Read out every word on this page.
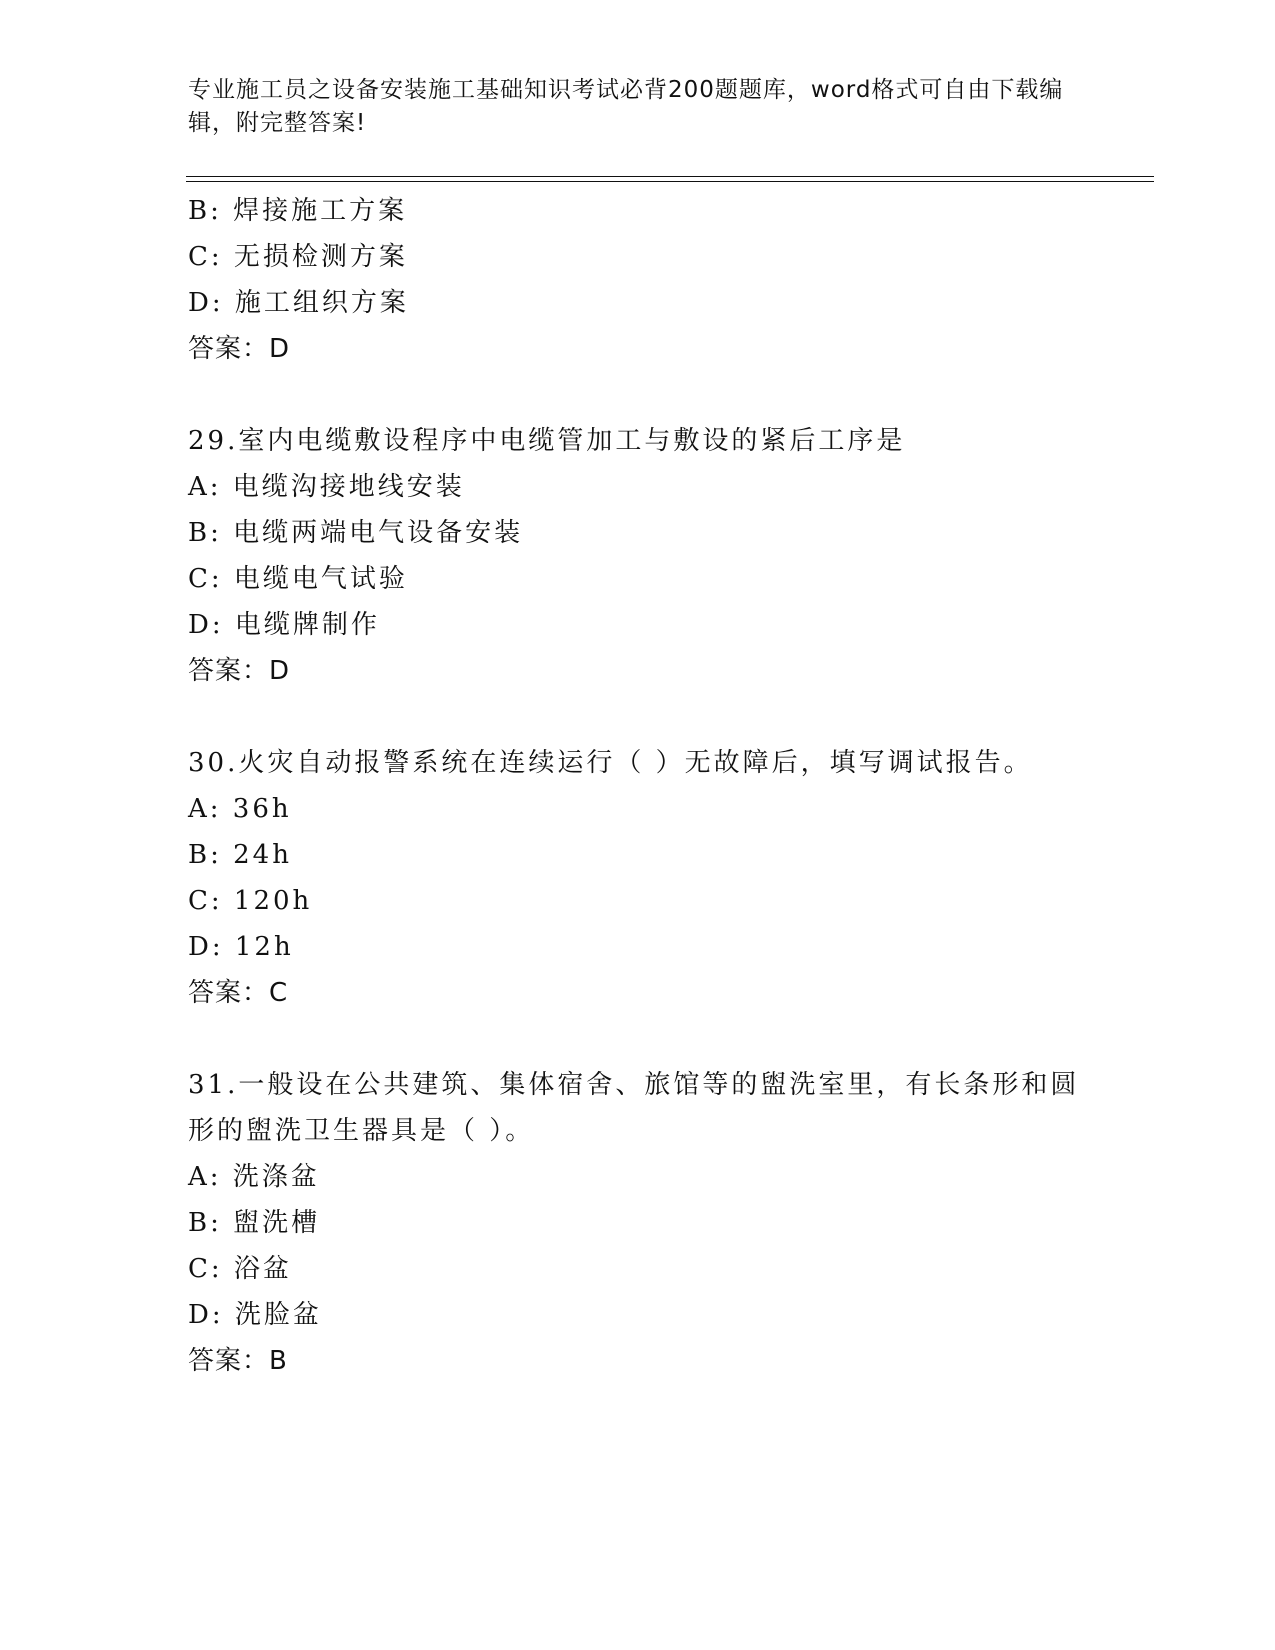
专业施工员之设备安装施工基础知识考试必背200题题库，word格式可自由下载编辑，附完整答案!
B: 焊接施工方案
C: 无损检测方案
D: 施工组织方案
答案：D
29.室内电缆敷设程序中电缆管加工与敷设的紧后工序是
A: 电缆沟接地线安装
B: 电缆两端电气设备安装
C: 电缆电气试验
D: 电缆牌制作
答案：D
30.火灾自动报警系统在连续运行（ ）无故障后，填写调试报告。
A: 36h
B: 24h
C: 120h
D: 12h
答案：C
31.一般设在公共建筑、集体宿舍、旅馆等的盥洗室里，有长条形和圆形的盥洗卫生器具是（ ）。
A: 洗涤盆
B: 盥洗槽
C: 浴盆
D: 洗脸盆
答案：B
